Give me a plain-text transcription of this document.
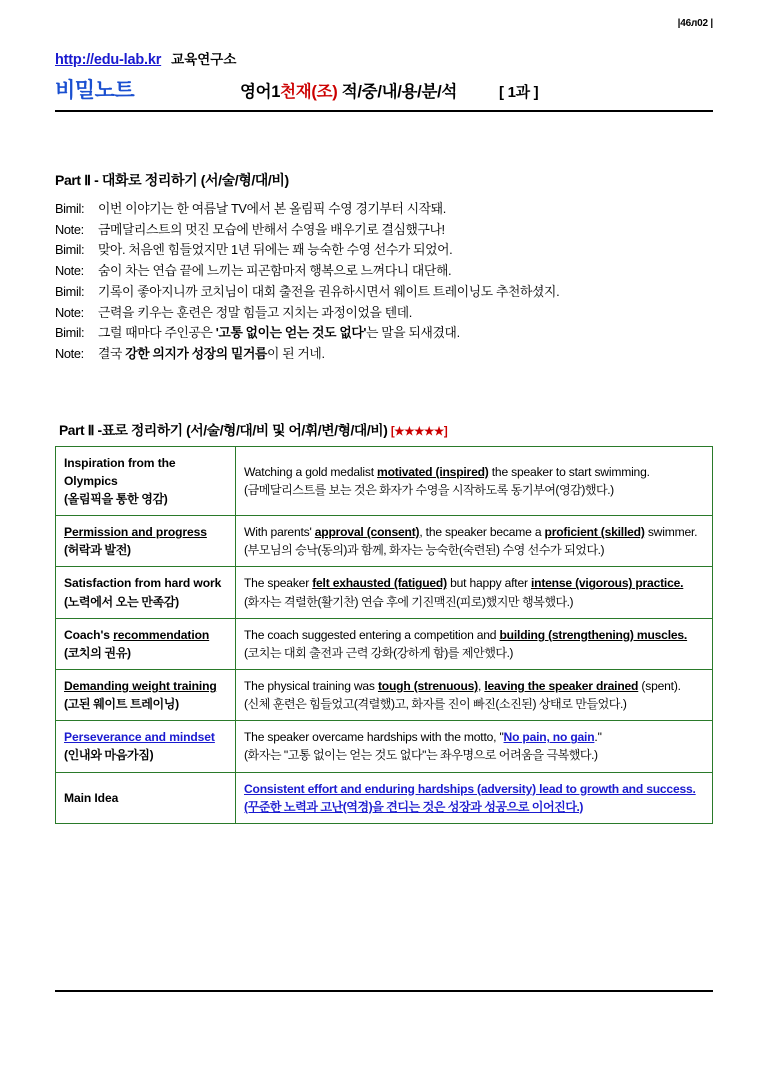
http://edu-lab.kr 교육연구소
|46л02 |
비밀노트	영어1천재(조) 적/중/내/용/분/석	[ 1과 ]
Part Ⅱ - 대화로 정리하기 (서/술/형/대/비)
Bimil: 이번 이야기는 한 여름날 TV에서 본 올림픽 수영 경기부터 시작돼.
Note: 금메달리스트의 멋진 모습에 반해서 수영을 배우기로 결심했구나!
Bimil: 맞아. 처음엔 힘들었지만 1년 뒤에는 꽤 능숙한 수영 선수가 되었어.
Note: 숨이 차는 연습 끝에 느끼는 피곤함마저 행복으로 느껴다니 대단해.
Bimil: 기록이 좋아지니까 코치님이 대회 출전을 권유하시면서 웨이트 트레이닝도 추천하셨지.
Note: 근력을 키우는 훈련은 정말 힘들고 지치는 과정이었을 텐데.
Bimil: 그럴 때마다 주인공은 '고통 없이는 얻는 것도 없다'는 말을 되새겼대.
Note: 결국 강한 의지가 성장의 밑거름이 된 거네.
Part Ⅱ -표로 정리하기 (서/술/형/대/비 및 어/휘/변/형/대/비) [★★★★★]
Inspiration from the Olympics
(올림픽을 통한 영감)	Watching a gold medalist motivated (inspired) the speaker to start swimming.
(금메달리스트를 보는 것은 화자가 수영을 시작하도록 동기부여(영감)했다.)

Permission and progress
(허락과 발전)	With parents' approval (consent), the speaker became a proficient (skilled) swimmer.
(부모님의 승낙(동의)과 함께, 화자는 능숙한(숙련된) 수영 선수가 되었다.)

Satisfaction from hard work
(노력에서 오는 만족감)	The speaker felt exhausted (fatigued) but happy after intense (vigorous) practice.
(화자는 격렬한(활기찬) 연습 후에 기진맥진(피로)했지만 행복했다.)

Coach's recommendation
(코치의 권유)	The coach suggested entering a competition and building (strengthening) muscles.
(코치는 대회 출전과 근력 강화(강하게 함)를 제안했다.)

Demanding weight training
(고된 웨이트 트레이닝)	The physical training was tough (strenuous), leaving the speaker drained (spent).
(신체 훈련은 힘들었고(격렬했)고, 화자를 진이 빠진(소진된) 상태로 만들었다.)

Perseverance and mindset
(인내와 마음가짐)	The speaker overcame hardships with the motto, "No pain, no gain."
(화자는 "고통 없이는 얻는 것도 없다"는 좌우명으로 어려움을 극복했다.)

Main Idea	Consistent effort and enduring hardships (adversity) lead to growth and success.
(꾸준한 노력과 고난(역경)을 견디는 것은 성장과 성공으로 이어진다.)
